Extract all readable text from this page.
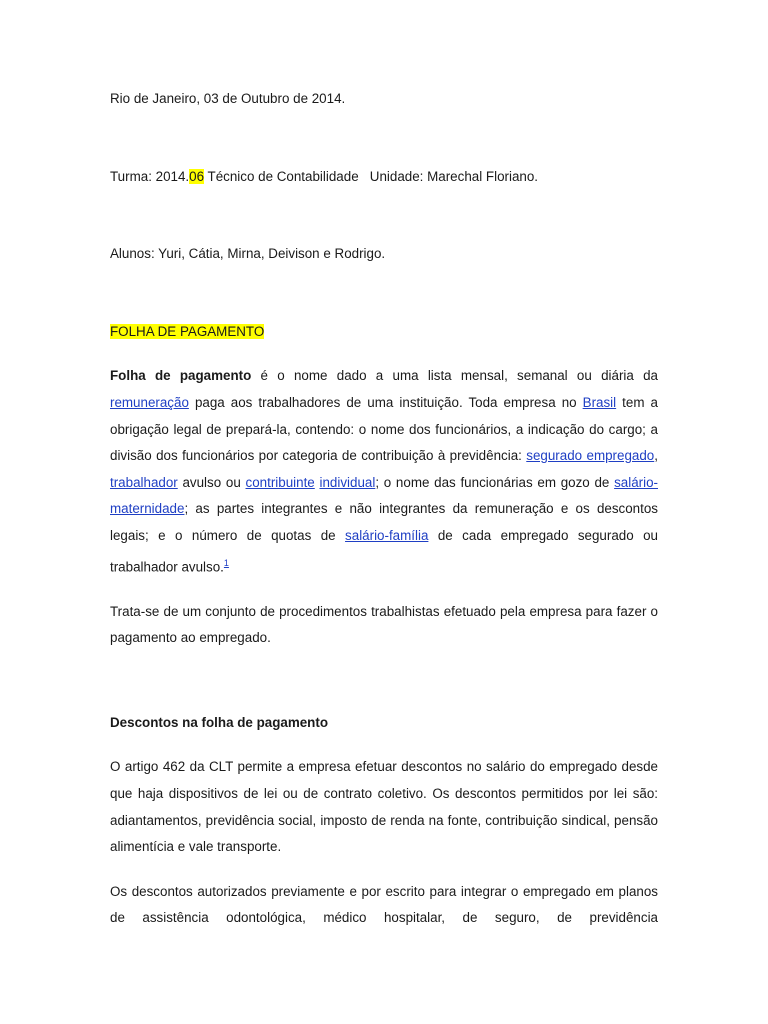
Rio de Janeiro, 03 de Outubro de 2014.

Turma: 2014.06 Técnico de Contabilidade   Unidade: Marechal Floriano.

Alunos: Yuri, Cátia, Mirna, Deivison e Rodrigo.

FOLHA DE PAGAMENTO

Folha de pagamento é o nome dado a uma lista mensal, semanal ou diária da remuneração paga aos trabalhadores de uma instituição. Toda empresa no Brasil tem a obrigação legal de prepará-la, contendo: o nome dos funcionários, a indicação do cargo; a divisão dos funcionários por categoria de contribuição à previdência: segurado empregado, trabalhador avulso ou contribuinte individual; o nome das funcionárias em gozo de salário-maternidade; as partes integrantes e não integrantes da remuneração e os descontos legais; e o número de quotas de salário-família de cada empregado segurado ou trabalhador avulso.$^1$

Trata-se de um conjunto de procedimentos trabalhistas efetuado pela empresa para fazer o pagamento ao empregado.

Descontos na folha de pagamento

O artigo 462 da CLT permite a empresa efetuar descontos no salário do empregado desde que haja dispositivos de lei ou de contrato coletivo. Os descontos permitidos por lei são: adiantamentos, previdência social, imposto de renda na fonte, contribuição sindical, pensão alimentícia e vale transporte.

Os descontos autorizados previamente e por escrito para integrar o empregado em planos de assistência odontológica, médico hospitalar, de seguro, de previdência
